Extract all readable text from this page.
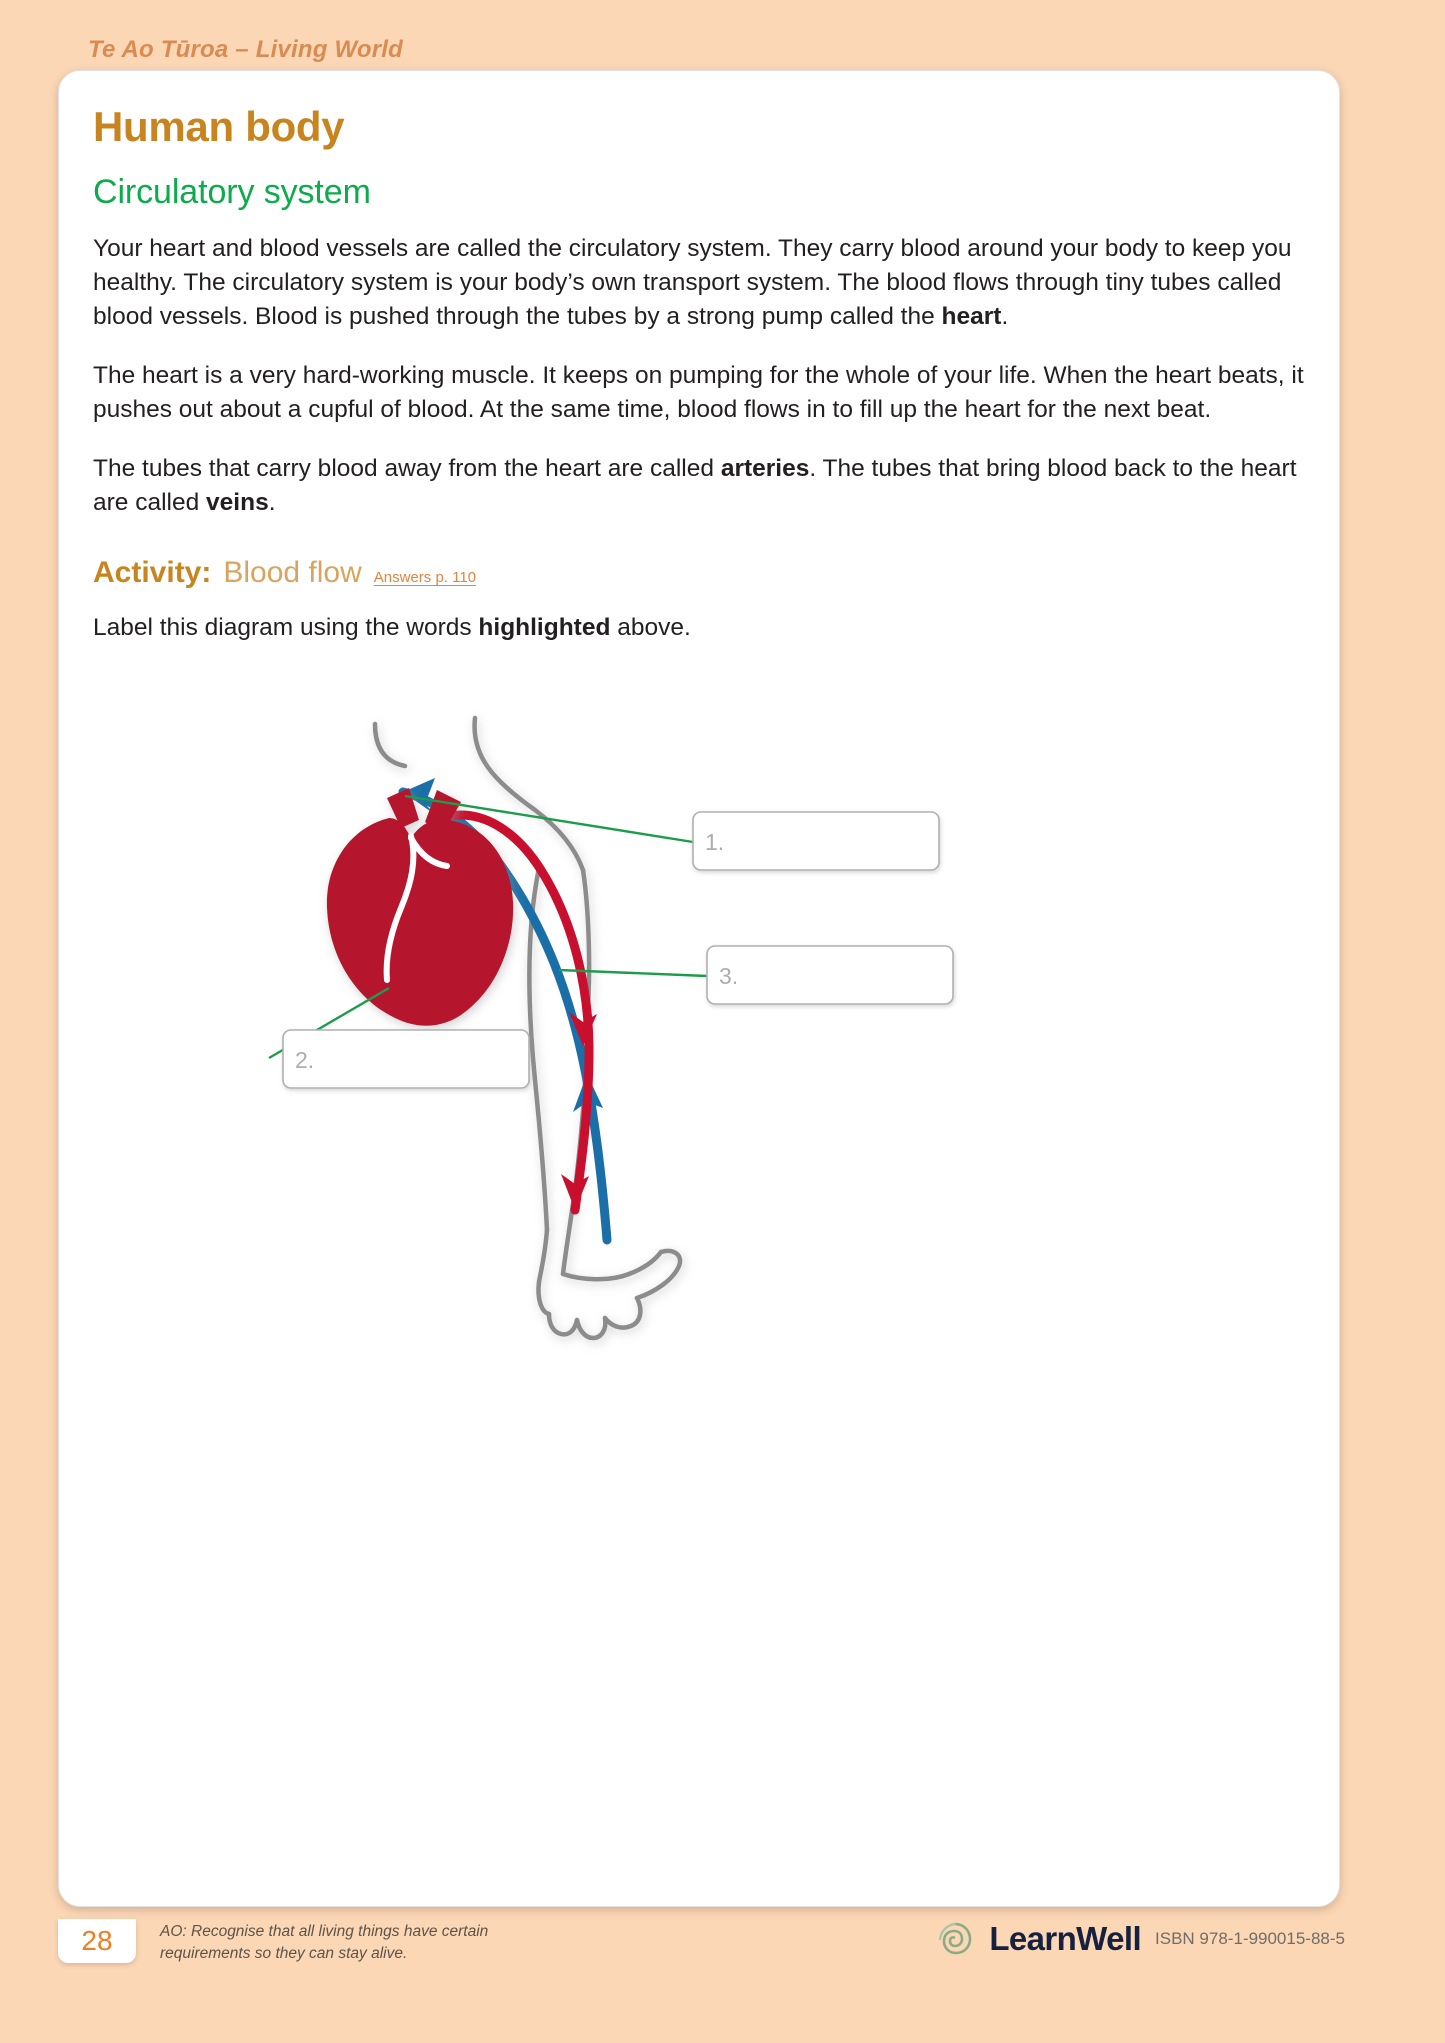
Te Ao Tūroa – Living World
Human body
Circulatory system

Your heart and blood vessels are called the circulatory system. They carry blood around your body to keep you healthy. The circulatory system is your body’s own transport system. The blood flows through tiny tubes called blood vessels. Blood is pushed through the tubes by a strong pump called the heart.

The heart is a very hard-working muscle. It keeps on pumping for the whole of your life. When the heart beats, it pushes out about a cupful of blood. At the same time, blood flows in to fill up the heart for the next beat.

The tubes that carry blood away from the heart are called arteries. The tubes that bring blood back to the heart are called veins.

Activity: Blood flow Answers p. 110

Label this diagram using the words highlighted above.

1.
2.
3.
28	AO: Recognise that all living things have certain requirements so they can stay alive.	LearnWell ISBN 978-1-990015-88-5
